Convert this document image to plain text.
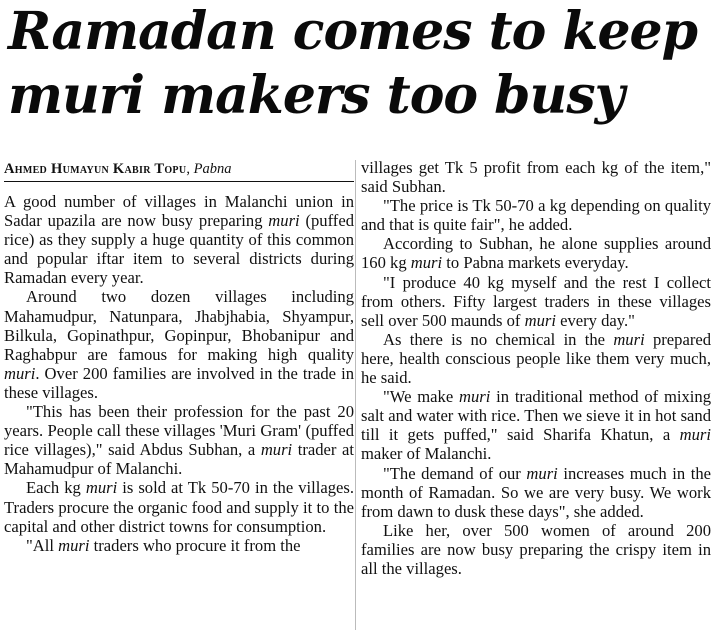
Ramadan comes to keep
muri makers too busy
Ahmed Humayun Kabir Topu, Pabna

A good number of villages in Malanchi union in Sadar upazila are now busy preparing muri (puffed rice) as they supply a huge quantity of this common and popular iftar item to several districts during Ramadan every year.

Around two dozen villages including Mahamudpur, Natunpara, Jhabjhabia, Shyampur, Bilkula, Gopinathpur, Gopinpur, Bhobanipur and Raghabpur are famous for making high quality muri. Over 200 families are involved in the trade in these villages.

"This has been their profession for the past 20 years. People call these villages 'Muri Gram' (puffed rice villages)," said Abdus Subhan, a muri trader at Mahamudpur of Malanchi.

Each kg muri is sold at Tk 50-70 in the villages. Traders procure the organic food and supply it to the capital and other district towns for consumption.

"All muri traders who procure it from the

villages get Tk 5 profit from each kg of the item," said Subhan.

"The price is Tk 50-70 a kg depending on quality and that is quite fair", he added.

According to Subhan, he alone supplies around 160 kg muri to Pabna markets everyday.

"I produce 40 kg myself and the rest I collect from others. Fifty largest traders in these villages sell over 500 maunds of muri every day."

As there is no chemical in the muri prepared here, health conscious people like them very much, he said.

"We make muri in traditional method of mixing salt and water with rice. Then we sieve it in hot sand till it gets puffed," said Sharifa Khatun, a muri maker of Malanchi.

"The demand of our muri increases much in the month of Ramadan. So we are very busy. We work from dawn to dusk these days", she added.

Like her, over 500 women of around 200 families are now busy preparing the crispy item in all the villages.
